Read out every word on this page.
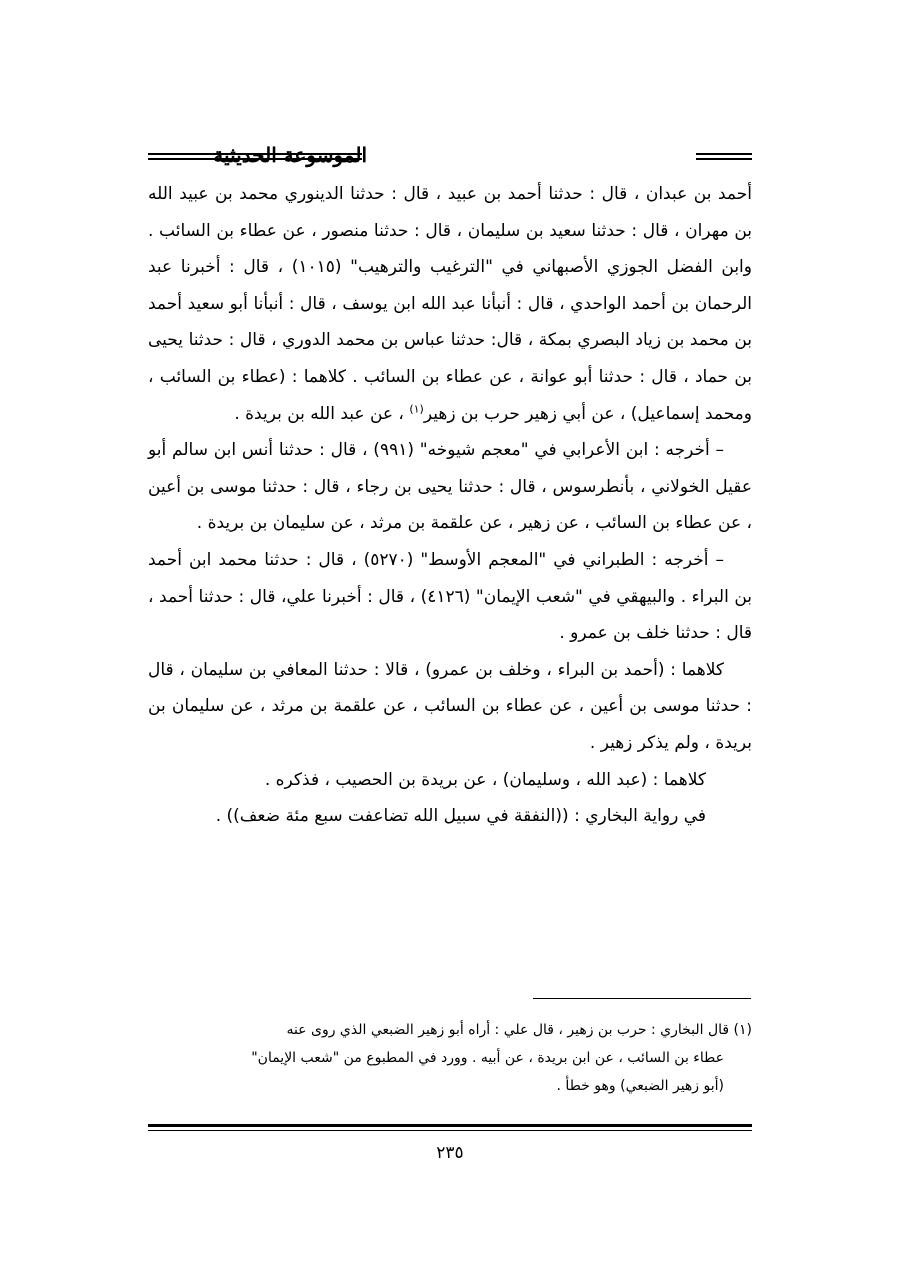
الموسوعة الحديثية

أحمد بن عبدان ، قال : حدثنا أحمد بن عبيد ، قال : حدثنا الدينوري محمد بن عبيد الله بن مهران ، قال : حدثنا سعيد بن سليمان ، قال : حدثنا منصور ، عن عطاء بن السائب . وابن الفضل الجوزي الأصبهاني في "الترغيب والترهيب" (١٠١٥) ، قال : أخبرنا عبد الرحمان بن أحمد الواحدي ، قال : أنبأنا عبد الله ابن يوسف ، قال : أنبأنا أبو سعيد أحمد بن محمد بن زياد البصري بمكة ، قال: حدثنا عباس بن محمد الدوري ، قال : حدثنا يحيى بن حماد ، قال : حدثنا أبو عوانة ، عن عطاء بن السائب . كلاهما : (عطاء بن السائب ، ومحمد إسماعيل) ، عن أبي زهير حرب بن زهير$^{(١)}$ ، عن عبد الله بن بريدة .

– أخرجه : ابن الأعرابي في "معجم شيوخه" (٩٩١) ، قال : حدثنا أنس ابن سالم أبو عقيل الخولاني ، بأنطرسوس ، قال : حدثنا يحيى بن رجاء ، قال : حدثنا موسى بن أعين ، عن عطاء بن السائب ، عن زهير ، عن علقمة بن مرثد ، عن سليمان بن بريدة .

– أخرجه : الطبراني في "المعجم الأوسط" (٥٢٧٠) ، قال : حدثنا محمد ابن أحمد بن البراء . والبيهقي في "شعب الإيمان" (٤١٢٦) ، قال : أخبرنا علي، قال : حدثنا أحمد ، قال : حدثنا خلف بن عمرو .

كلاهما : (أحمد بن البراء ، وخلف بن عمرو) ، قالا : حدثنا المعافي بن سليمان ، قال : حدثنا موسى بن أعين ، عن عطاء بن السائب ، عن علقمة بن مرثد ، عن سليمان بن بريدة ، ولم يذكر زهير .

كلاهما : (عبد الله ، وسليمان) ، عن بريدة بن الحصيب ، فذكره .

في رواية البخاري : ((النفقة في سبيل الله تضاعفت سبع مئة ضعف)) .

(١) قال البخاري : حرب بن زهير ، قال علي : أراه أبو زهير الضبعي الذي روى عنه

عطاء بن السائب ، عن ابن بريدة ، عن أبيه . وورد في المطبوع من "شعب الإيمان"

(أبو زهير الضبعي) وهو خطأ .

٢٣٥
